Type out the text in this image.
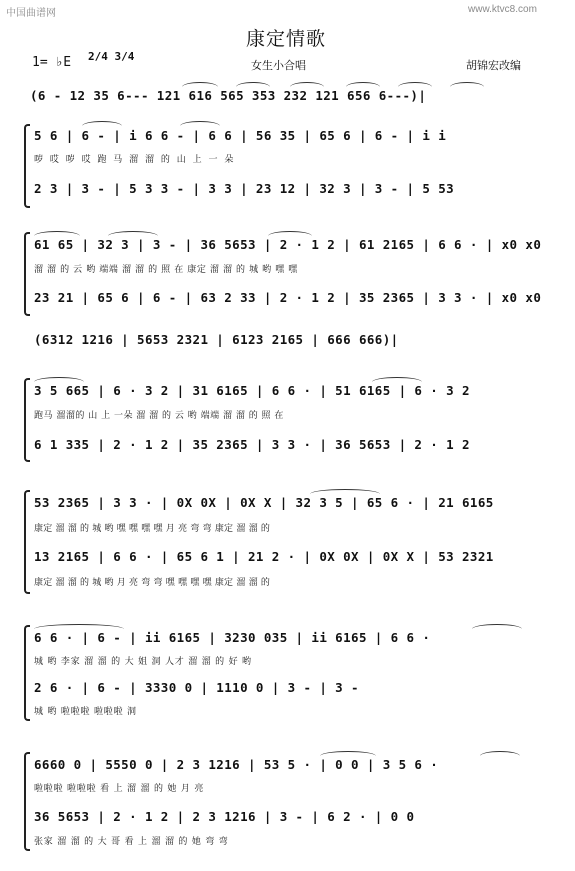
中国曲谱网	www.ktvc8.com
康定情歌
1= ♭E 2/4 3/4
女生小合唱	胡锦宏改编
(6 - 12 35 6--- 121 616 565 353 232 121 656 6---)|
5 6 | 6 - | i 6 6 - | 6 6 | 56 35 | 65 6 | 6 - | i i
哕 哎 哕 哎 跑 马 溜 溜 的 山 上 一 朵
2 3 | 3 - | 5 3 3 - | 3 3 | 23 12 | 32 3 | 3 - | 5 53
61 65 | 32 3 | 3 - | 36 5653 | 2 · 1 2 | 61 2165 | 6 6 · | x0 x0
溜 溜 的 云 哟 端端 溜 溜 的 照 在 康定 溜 溜 的 城 哟 嘿 嘿
23 21 | 65 6 | 6 - | 63 2 33 | 2 · 1 2 | 35 2365 | 3 3 · | x0 x0
(6312 1216 | 5653 2321 | 6123 2165 | 666 666)|
3 5 665 | 6 · 3 2 | 31 6165 | 6 6 · | 51 6165 | 6 · 3 2
跑马 溜溜的 山 上 一朵 溜 溜 的 云 哟 端端 溜 溜 的 照 在
6 1 335 | 2 · 1 2 | 35 2365 | 3 3 · | 36 5653 | 2 · 1 2
53 2365 | 3 3 · | 0X 0X | 0X X | 32 3 5 | 65 6 · | 21 6165
康定 溜 溜 的 城 哟 嘿 嘿 嘿 嘿 月 亮 弯 弯 康定 溜 溜 的
13 2165 | 6 6 · | 65 6 1 | 21 2 · | 0X 0X | 0X X | 53 2321
康定 溜 溜 的 城 哟 月 亮 弯 弯 嘿 嘿 嘿 嘿 康定 溜 溜 的
6 6 · | 6 - | ii 6165 | 3230 035 | ii 6165 | 6 6 ·
城 哟 李家 溜 溜 的 大 姐 洞 人才 溜 溜 的 好 哟
2 6 · | 6 - | 3330 0 | 1110 0 | 3 - | 3 -
城 哟 啦啦啦 啦啦啦 洞
6660 0 | 5550 0 | 2 3 1216 | 53 5 · | 0 0 | 3 5 6 ·
啦啦啦 啦啦啦 看 上 溜 溜 的 她 月 亮
36 5653 | 2 · 1 2 | 2 3 1216 | 3 - | 6 2 · | 0 0
张家 溜 溜 的 大 哥 看 上 溜 溜 的 她 弯 弯
